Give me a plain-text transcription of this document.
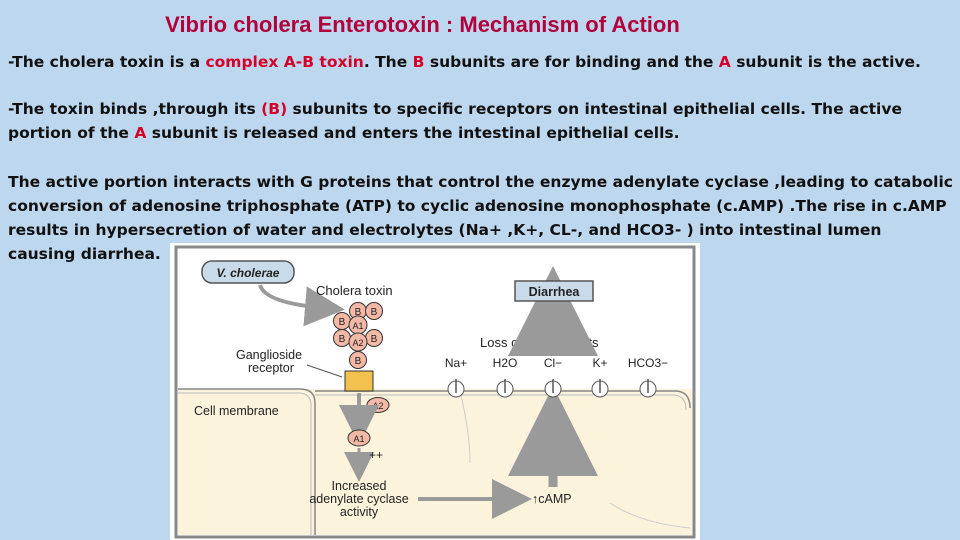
Vibrio cholera Enterotoxin : Mechanism of Action
-The cholera toxin is a complex A-B toxin. The B subunits are for binding and the A subunit is the active.
-The toxin binds ,through its (B) subunits to specific receptors on intestinal epithelial cells. The active portion of the A subunit is released and enters the intestinal epithelial cells.
The active portion interacts with G proteins that control the enzyme adenylate cyclase ,leading to catabolic conversion of adenosine triphosphate (ATP) to cyclic adenosine monophosphate (c.AMP) .The rise in c.AMP results in hypersecretion of water and electrolytes (Na+ ,K+, CL-, and HCO3- ) into intestinal lumen causing diarrhea.
V. cholerae
Cholera toxin
B
B B
B	B
A1
A2
B
Ganglioside
receptor
Cell membrane	A2
A1
++
Increased
adenylate cyclase
activity
↑cAMP
Na+ H2O Cl−	K+ HCO3−
Loss of cell nutrients
Diarrhea
